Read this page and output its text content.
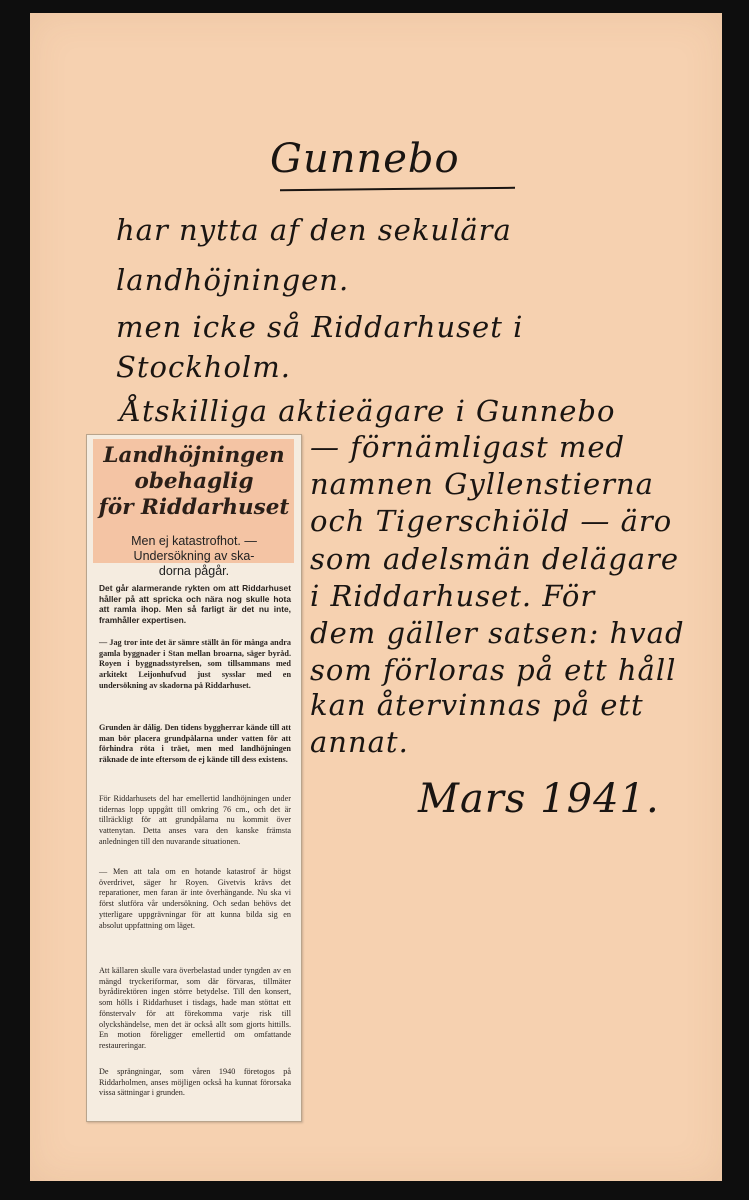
Gunnebo
har nytta af den sekulära
landhöjningen.
men icke så Riddarhuset i
Stockholm.
Åtskilliga aktieägare i Gunnebo
— förnämligast med
namnen Gyllenstierna
och Tigerschiöld — äro
som adelsmän delägare
i Riddarhuset. För
dem gäller satsen: hvad
som förloras på ett håll
kan återvinnas på ett
annat.
Mars 1941.
Landhöjningen
obehaglig
för Riddarhuset
Men ej katastrofhot. —
Undersökning av ska-
dorna pågår.
Det går alarmerande rykten om att Riddarhuset håller på att spricka och nära nog skulle hota att ramla ihop. Men så farligt är det nu inte, framhåller expertisen.
— Jag tror inte det är sämre ställt än för många andra gamla byggnader i Stan mellan broarna, säger byråd. Royen i byggnadsstyrelsen, som tillsammans med arkitekt Leijonhufvud just sysslar med en undersökning av skadorna på Riddarhuset.
Grunden är dålig. Den tidens byggherrar kände till att man bör placera grundpålarna under vatten för att förhindra röta i träet, men med landhöjningen räknade de inte eftersom de ej kände till dess existens.
För Riddarhusets del har emellertid landhöjningen under tidernas lopp uppgått till omkring 76 cm., och det är tillräckligt för att grundpålarna nu kommit över vattenytan. Detta anses vara den kanske främsta anledningen till den nuvarande situationen.
— Men att tala om en hotande katastrof är högst överdrivet, säger hr Royen. Givetvis krävs det reparationer, men faran är inte överhängande. Nu ska vi först slutföra vår undersökning. Och sedan behövs det ytterligare uppgrävningar för att kunna bilda sig en absolut uppfattning om läget.
Att källaren skulle vara överbelastad under tyngden av en mängd tryckeriformar, som där förvaras, tillmäter byrådirektören ingen större betydelse. Till den konsert, som hölls i Riddarhuset i tisdags, hade man stöttat ett fönstervalv för att förekomma varje risk till olyckshändelse, men det är också allt som gjorts hittills. En motion föreligger emellertid om omfattande restaureringar.
De sprängningar, som våren 1940 företogos på Riddarholmen, anses möjligen också ha kunnat förorsaka vissa sättningar i grunden.
